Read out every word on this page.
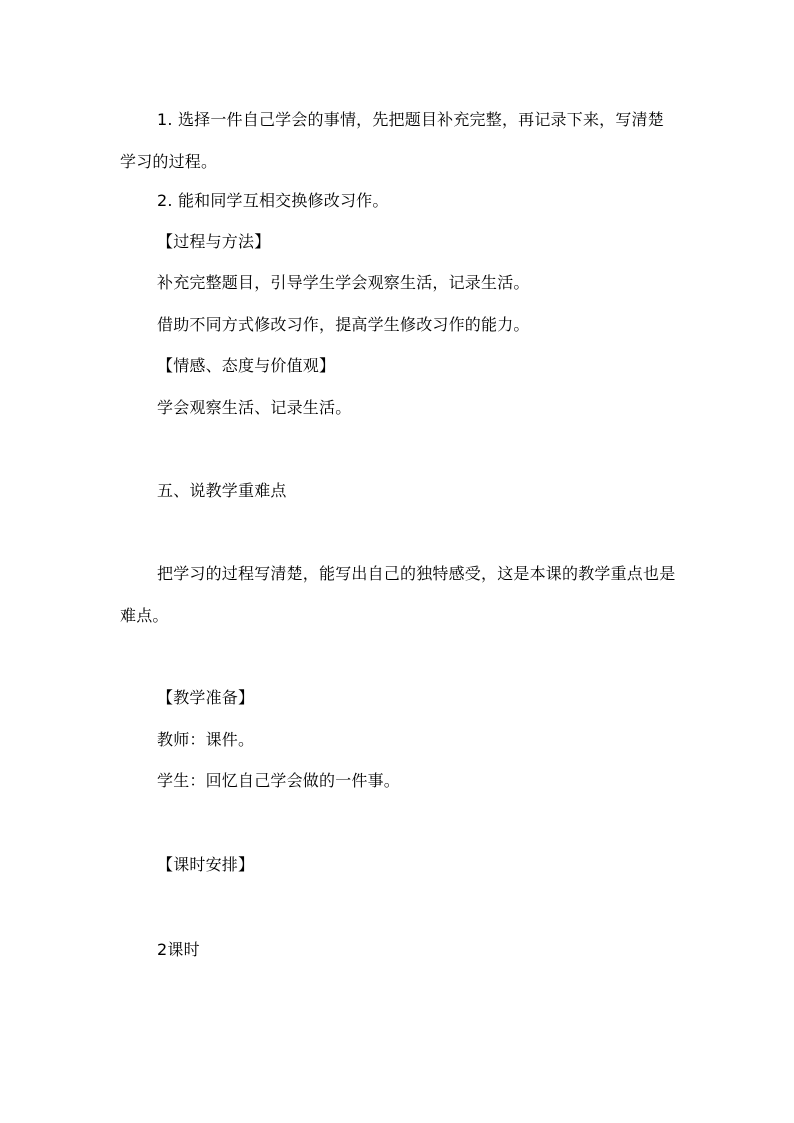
1. 选择一件自己学会的事情，先把题目补充完整，再记录下来，写清楚学习的过程。
2. 能和同学互相交换修改习作。
【过程与方法】
补充完整题目，引导学生学会观察生活，记录生活。
借助不同方式修改习作，提高学生修改习作的能力。
【情感、态度与价值观】
学会观察生活、记录生活。
五、说教学重难点
把学习的过程写清楚，能写出自己的独特感受，这是本课的教学重点也是难点。
【教学准备】
教师：课件。
学生：回忆自己学会做的一件事。
【课时安排】
2课时
